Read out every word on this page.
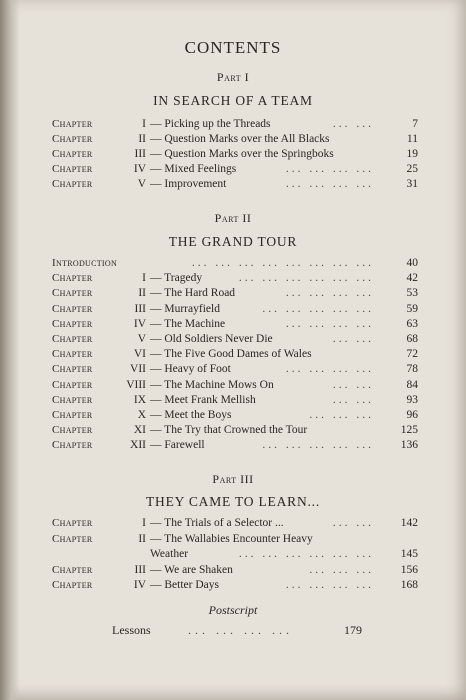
CONTENTS
Part I
IN SEARCH OF A TEAM
Chapter	I — Picking up the Threads	... ...	7
Chapter	II — Question Marks over the All Blacks	11
Chapter	III — Question Marks over the Springboks	19
Chapter	IV — Mixed Feelings	... ... ... ...	25
Chapter	V — Improvement	... ... ... ...	31
Part II
THE GRAND TOUR
Introduction	... ... ... ... ... ... ... ...	40
Chapter	I — Tragedy	... ... ... ... ... ...	42
Chapter	II — The Hard Road	... ... ... ...	53
Chapter	III — Murrayfield	... ... ... ... ...	59
Chapter	IV — The Machine	... ... ... ...	63
Chapter	V — Old Soldiers Never Die	... ...	68
Chapter	VI — The Five Good Dames of Wales	72
Chapter	VII — Heavy of Foot	... ... ... ...	78
Chapter	VIII — The Machine Mows On	... ...	84
Chapter	IX — Meet Frank Mellish	... ...	93
Chapter	X — Meet the Boys	... ... ...	96
Chapter	XI — The Try that Crowned the Tour	125
Chapter	XII — Farewell	... ... ... ... ...	136
Part III
THEY CAME TO LEARN...
Chapter	I — The Trials of a Selector ...	... ...	142
Chapter	II — The Wallabies Encounter Heavy
Weather	... ... ... ... ... ...	145
Chapter	III — We are Shaken	... ... ...	156
Chapter	IV — Better Days	... ... ... ...	168
Postscript
Lessons	... ... ... ...	179
